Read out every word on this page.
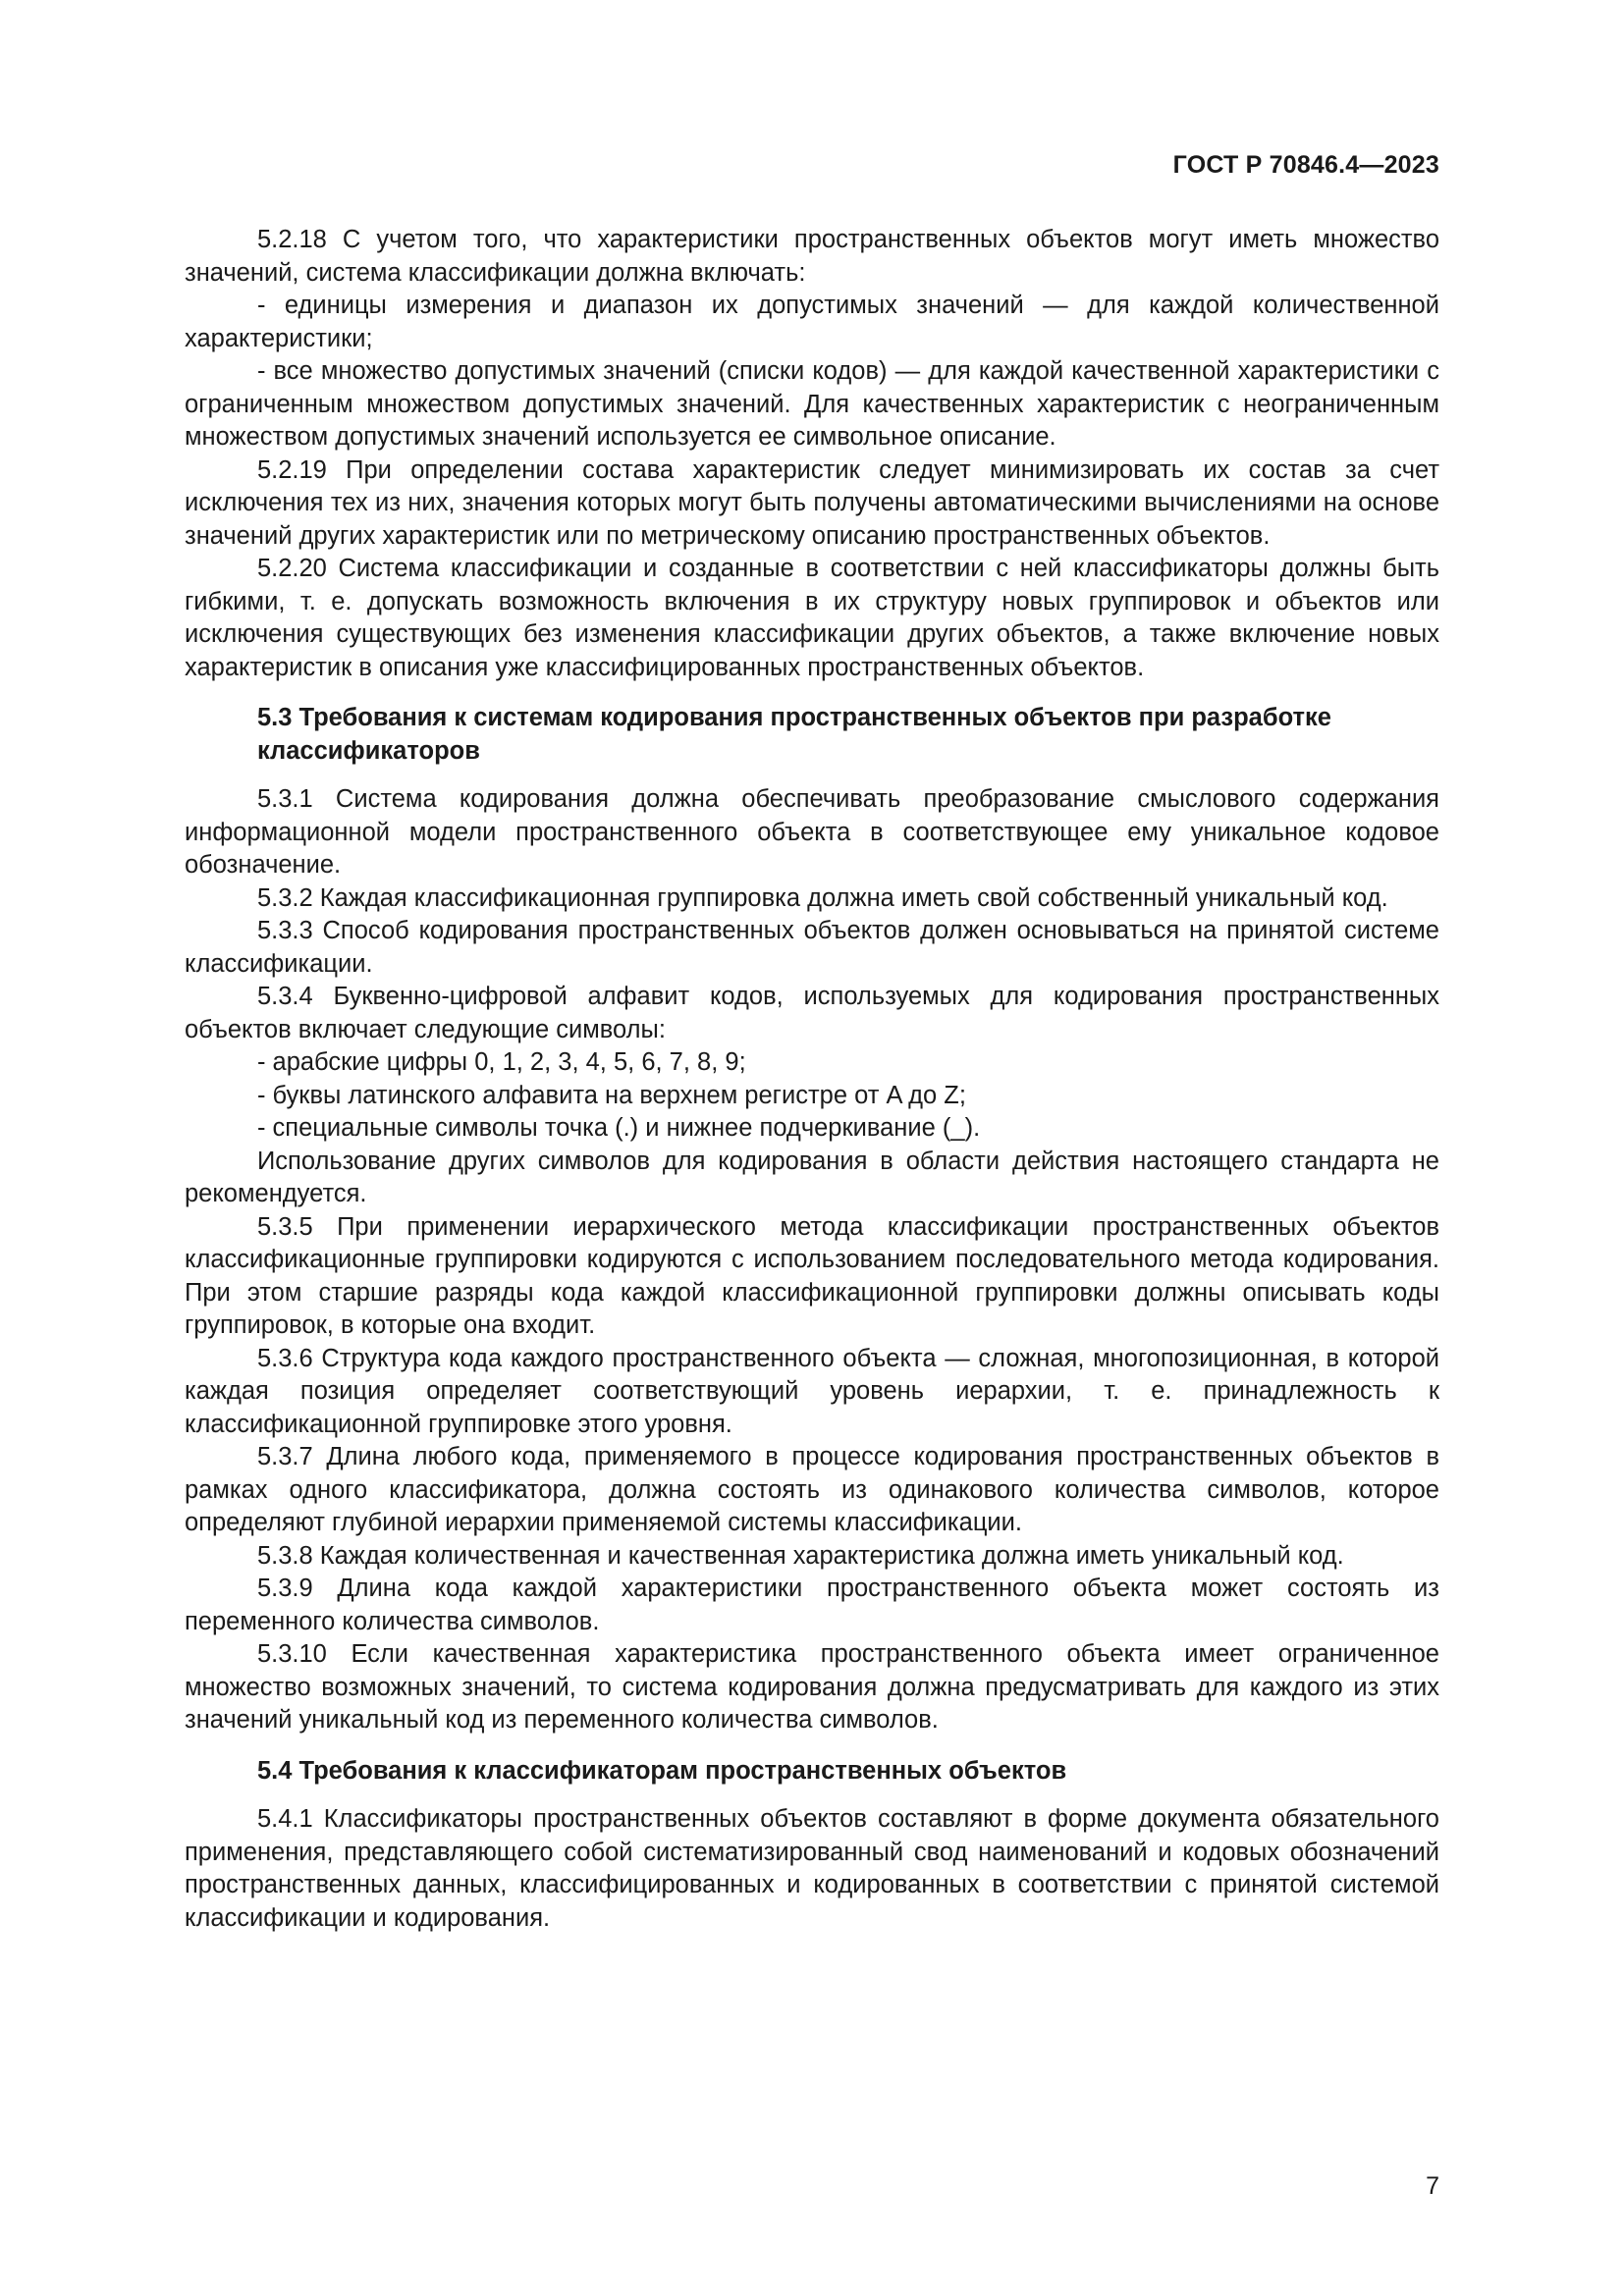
ГОСТ Р 70846.4—2023

5.2.18 С учетом того, что характеристики пространственных объектов могут иметь множество значений, система классификации должна включать:

- единицы измерения и диапазон их допустимых значений — для каждой количественной характеристики;

- все множество допустимых значений (списки кодов) — для каждой качественной характеристики с ограниченным множеством допустимых значений. Для качественных характеристик с неограниченным множеством допустимых значений используется ее символьное описание.

5.2.19 При определении состава характеристик следует минимизировать их состав за счет исключения тех из них, значения которых могут быть получены автоматическими вычислениями на основе значений других характеристик или по метрическому описанию пространственных объектов.

5.2.20 Система классификации и созданные в соответствии с ней классификаторы должны быть гибкими, т. е. допускать возможность включения в их структуру новых группировок и объектов или исключения существующих без изменения классификации других объектов, а также включение новых характеристик в описания уже классифицированных пространственных объектов.

5.3 Требования к системам кодирования пространственных объектов при разработке классификаторов

5.3.1 Система кодирования должна обеспечивать преобразование смыслового содержания информационной модели пространственного объекта в соответствующее ему уникальное кодовое обозначение.

5.3.2 Каждая классификационная группировка должна иметь свой собственный уникальный код.

5.3.3 Способ кодирования пространственных объектов должен основываться на принятой системе классификации.

5.3.4 Буквенно-цифровой алфавит кодов, используемых для кодирования пространственных объектов включает следующие символы:

- арабские цифры 0, 1, 2, 3, 4, 5, 6, 7, 8, 9;

- буквы латинского алфавита на верхнем регистре от A до Z;

- специальные символы точка (.) и нижнее подчеркивание (_).

Использование других символов для кодирования в области действия настоящего стандарта не рекомендуется.

5.3.5 При применении иерархического метода классификации пространственных объектов классификационные группировки кодируются с использованием последовательного метода кодирования. При этом старшие разряды кода каждой классификационной группировки должны описывать коды группировок, в которые она входит.

5.3.6 Структура кода каждого пространственного объекта — сложная, многопозиционная, в которой каждая позиция определяет соответствующий уровень иерархии, т. е. принадлежность к классификационной группировке этого уровня.

5.3.7 Длина любого кода, применяемого в процессе кодирования пространственных объектов в рамках одного классификатора, должна состоять из одинакового количества символов, которое определяют глубиной иерархии применяемой системы классификации.

5.3.8 Каждая количественная и качественная характеристика должна иметь уникальный код.

5.3.9 Длина кода каждой характеристики пространственного объекта может состоять из переменного количества символов.

5.3.10 Если качественная характеристика пространственного объекта имеет ограниченное множество возможных значений, то система кодирования должна предусматривать для каждого из этих значений уникальный код из переменного количества символов.

5.4 Требования к классификаторам пространственных объектов

5.4.1 Классификаторы пространственных объектов составляют в форме документа обязательного применения, представляющего собой систематизированный свод наименований и кодовых обозначений пространственных данных, классифицированных и кодированных в соответствии с принятой системой классификации и кодирования.

7
